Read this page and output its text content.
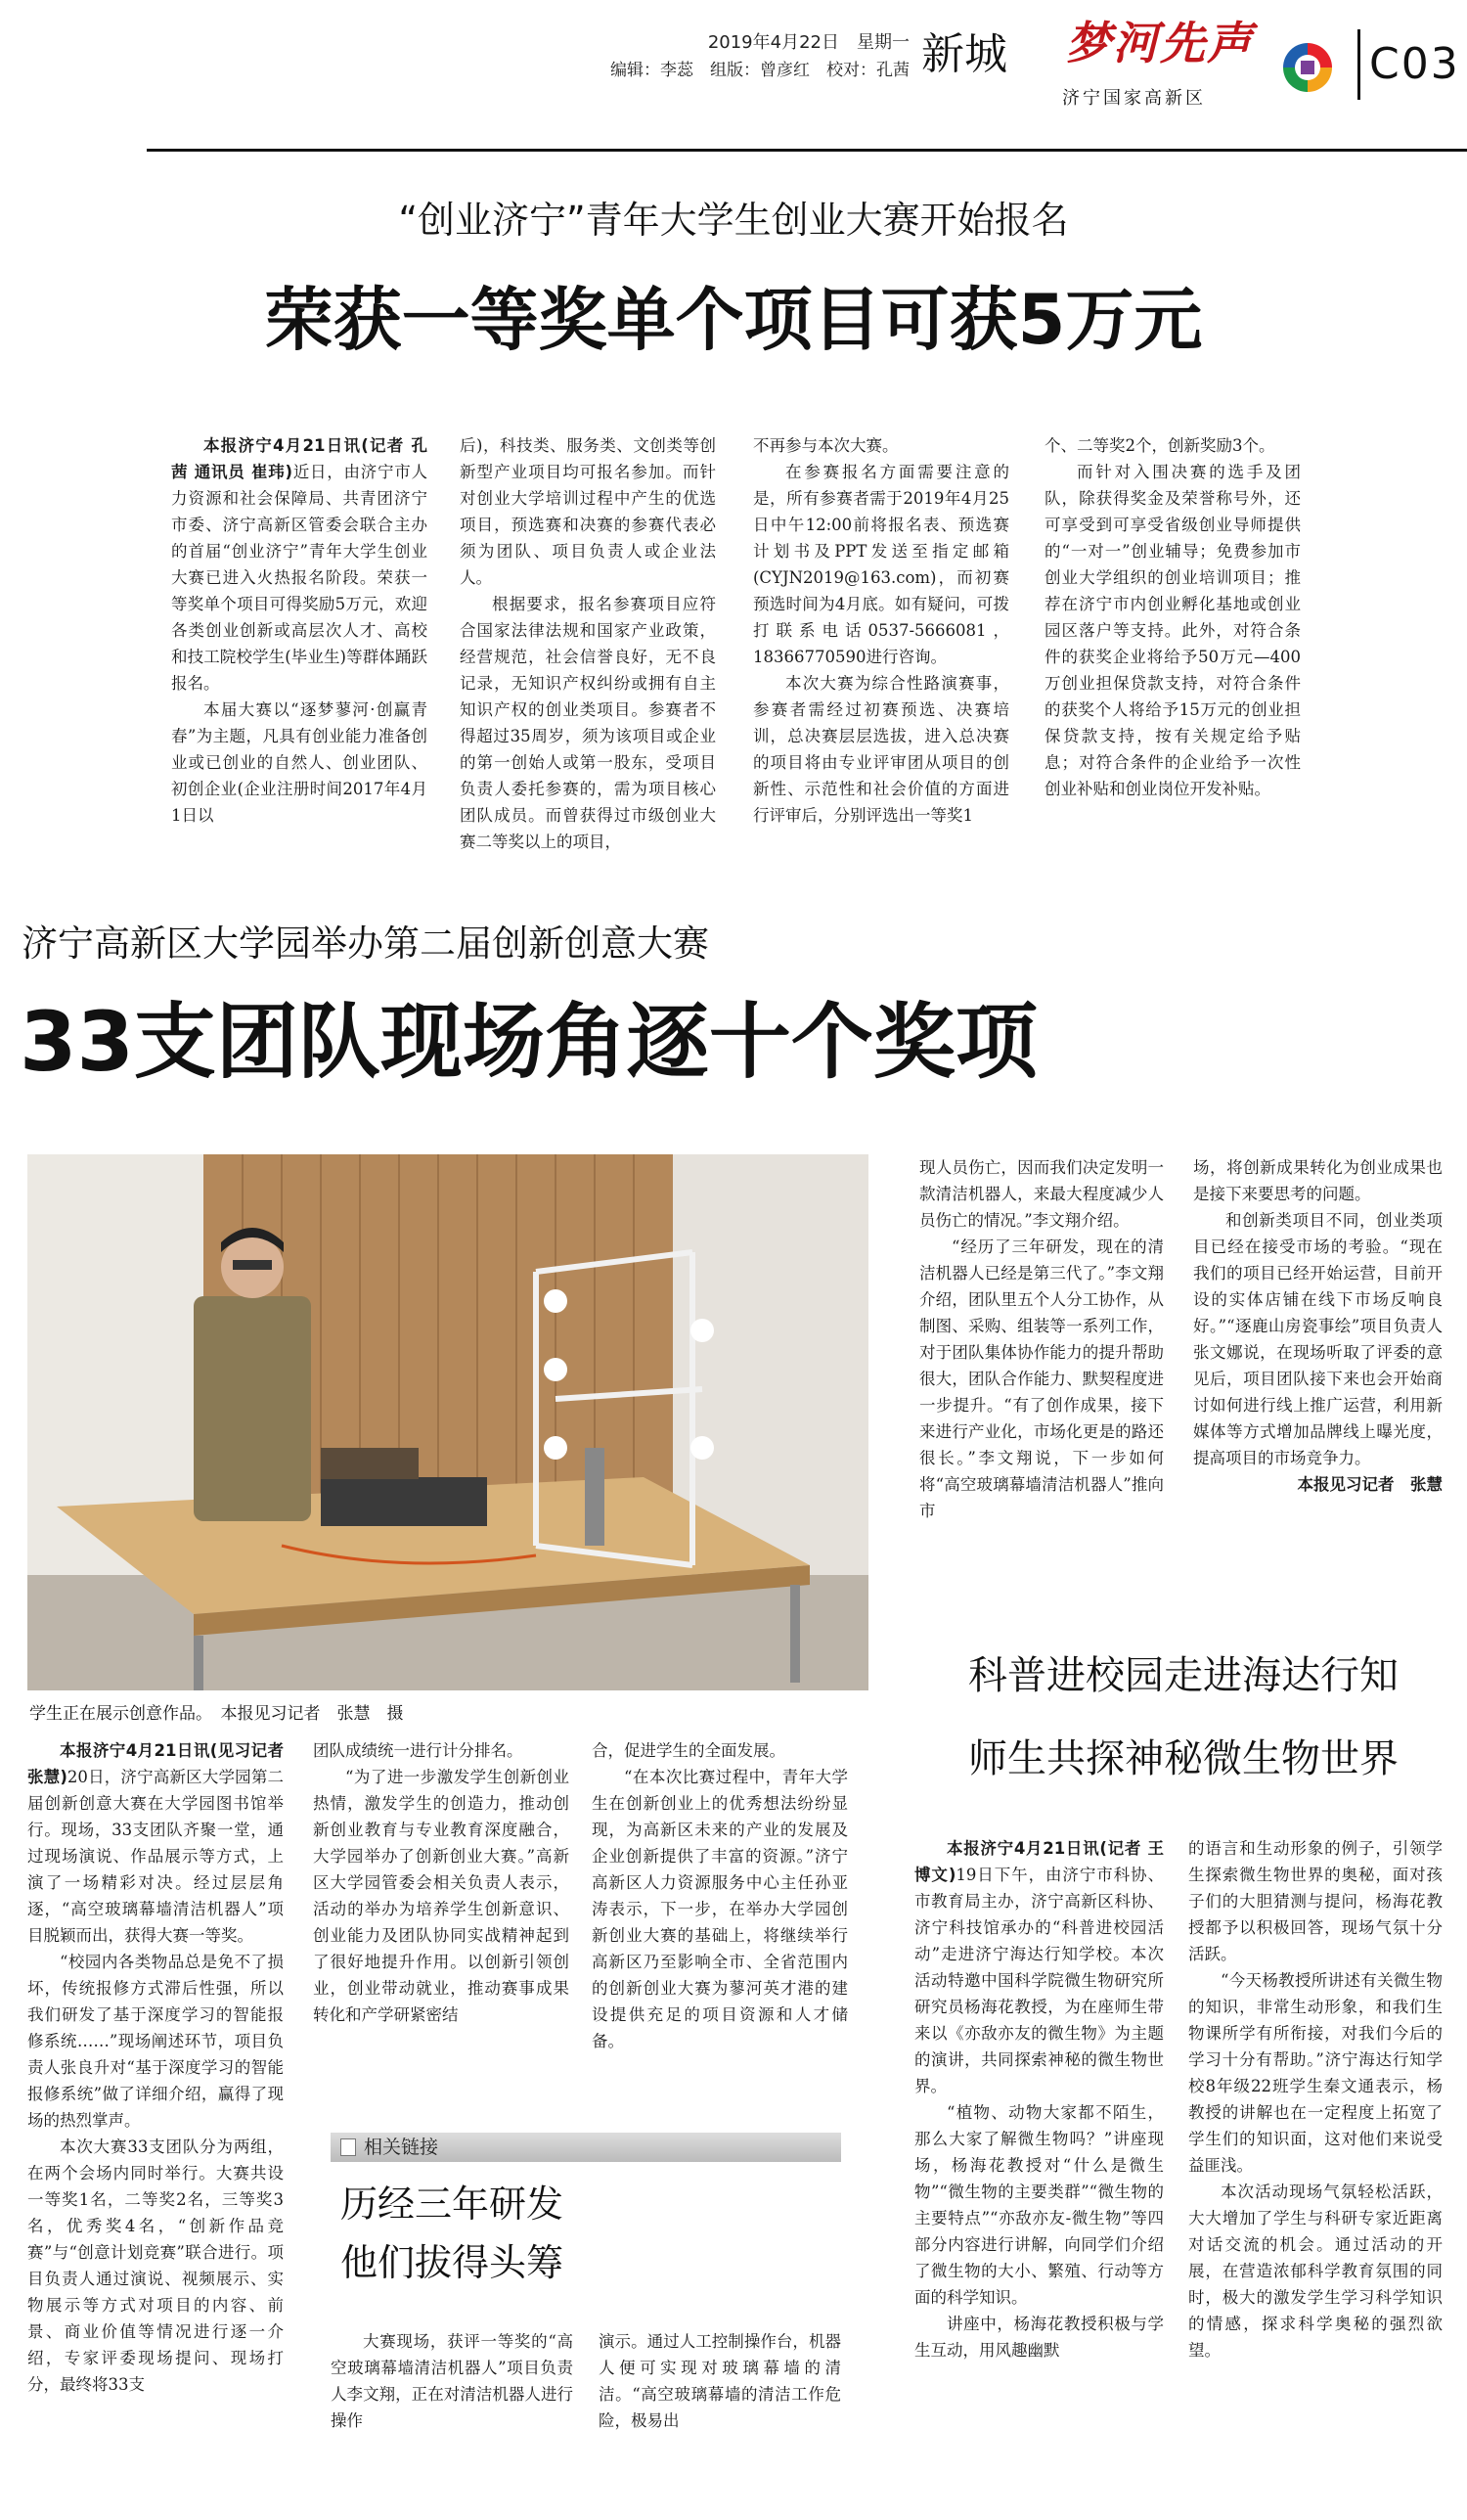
2019年4月22日　星期一
编辑：李蕊　组版：曾彦红　校对：孔茜 新城 梦河先声
济宁国家高新区
C03
“创业济宁”青年大学生创业大赛开始报名
荣获一等奖单个项目可获5万元

本报济宁4月21日讯(记者 孔茜 通讯员 崔玮)近日，由济宁市人力资源和社会保障局、共青团济宁市委、济宁高新区管委会联合主办的首届“创业济宁”青年大学生创业大赛已进入火热报名阶段。荣获一等奖单个项目可得奖励5万元，欢迎各类创业创新或高层次人才、高校和技工院校学生(毕业生)等群体踊跃报名。

本届大赛以“逐梦蓼河·创赢青春”为主题，凡具有创业能力准备创业或已创业的自然人、创业团队、初创企业(企业注册时间2017年4月1日以

后)，科技类、服务类、文创类等创新型产业项目均可报名参加。而针对创业大学培训过程中产生的优选项目，预选赛和决赛的参赛代表必须为团队、项目负责人或企业法人。

根据要求，报名参赛项目应符合国家法律法规和国家产业政策，经营规范，社会信誉良好，无不良记录，无知识产权纠纷或拥有自主知识产权的创业类项目。参赛者不得超过35周岁，须为该项目或企业的第一创始人或第一股东，受项目负责人委托参赛的，需为项目核心团队成员。而曾获得过市级创业大赛二等奖以上的项目，

不再参与本次大赛。

在参赛报名方面需要注意的是，所有参赛者需于2019年4月25日中午12:00前将报名表、预选赛计划书及PPT发送至指定邮箱(CYJN2019@163.com)，而初赛预选时间为4月底。如有疑问，可拨打联系电话0537-5666081，18366770590进行咨询。

本次大赛为综合性路演赛事，参赛者需经过初赛预选、决赛培训，总决赛层层选拔，进入总决赛的项目将由专业评审团从项目的创新性、示范性和社会价值的方面进行评审后，分别评选出一等奖1

个、二等奖2个，创新奖励3个。

而针对入围决赛的选手及团队，除获得奖金及荣誉称号外，还可享受到可享受省级创业导师提供的“一对一”创业辅导；免费参加市创业大学组织的创业培训项目；推荐在济宁市内创业孵化基地或创业园区落户等支持。此外，对符合条件的获奖企业将给予50万元—400万创业担保贷款支持，对符合条件的获奖个人将给予15万元的创业担保贷款支持，按有关规定给予贴息；对符合条件的企业给予一次性创业补贴和创业岗位开发补贴。

济宁高新区大学园举办第二届创新创意大赛
33支团队现场角逐十个奖项
学生正在展示创意作品。　本报见习记者　张慧　摄

本报济宁4月21日讯(见习记者 张慧)20日，济宁高新区大学园第二届创新创意大赛在大学园图书馆举行。现场，33支团队齐聚一堂，通过现场演说、作品展示等方式，上演了一场精彩对决。经过层层角逐，“高空玻璃幕墙清洁机器人”项目脱颖而出，获得大赛一等奖。

“校园内各类物品总是免不了损坏，传统报修方式滞后性强，所以我们研发了基于深度学习的智能报修系统……”现场阐述环节，项目负责人张良升对“基于深度学习的智能报修系统”做了详细介绍，赢得了现场的热烈掌声。

本次大赛33支团队分为两组，在两个会场内同时举行。大赛共设一等奖1名，二等奖2名，三等奖3名，优秀奖4名，“创新作品竞赛”与“创意计划竞赛”联合进行。项目负责人通过演说、视频展示、实物展示等方式对项目的内容、前景、商业价值等情况进行逐一介绍，专家评委现场提问、现场打分，最终将33支

团队成绩统一进行计分排名。

“为了进一步激发学生创新创业热情，激发学生的创造力，推动创新创业教育与专业教育深度融合，大学园举办了创新创业大赛。”高新区大学园管委会相关负责人表示，活动的举办为培养学生创新意识、创业能力及团队协同实战精神起到了很好地提升作用。以创新引领创业，创业带动就业，推动赛事成果转化和产学研紧密结

合，促进学生的全面发展。

“在本次比赛过程中，青年大学生在创新创业上的优秀想法纷纷显现，为高新区未来的产业的发展及企业创新提供了丰富的资源。”济宁高新区人力资源服务中心主任孙亚涛表示，下一步，在举办大学园创新创业大赛的基础上，将继续举行高新区乃至影响全市、全省范围内的创新创业大赛为蓼河英才港的建设提供充足的项目资源和人才储备。

相关链接
历经三年研发
他们拔得头筹

大赛现场，获评一等奖的“高空玻璃幕墙清洁机器人”项目负责人李文翔，正在对清洁机器人进行操作

演示。通过人工控制操作台，机器人便可实现对玻璃幕墙的清洁。“高空玻璃幕墙的清洁工作危险，极易出

现人员伤亡，因而我们决定发明一款清洁机器人，来最大程度减少人员伤亡的情况。”李文翔介绍。

“经历了三年研发，现在的清洁机器人已经是第三代了。”李文翔介绍，团队里五个人分工协作，从制图、采购、组装等一系列工作，对于团队集体协作能力的提升帮助很大，团队合作能力、默契程度进一步提升。“有了创作成果，接下来进行产业化，市场化更是的路还很长。”李文翔说，下一步如何将“高空玻璃幕墙清洁机器人”推向市

场，将创新成果转化为创业成果也是接下来要思考的问题。

和创新类项目不同，创业类项目已经在接受市场的考验。“现在我们的项目已经开始运营，目前开设的实体店铺在线下市场反响良好。”“逐鹿山房瓷事绘”项目负责人张文娜说，在现场听取了评委的意见后，项目团队接下来也会开始商讨如何进行线上推广运营，利用新媒体等方式增加品牌线上曝光度，提高项目的市场竞争力。

本报见习记者　张慧

科普进校园走进海达行知
师生共探神秘微生物世界

本报济宁4月21日讯(记者 王博文)19日下午，由济宁市科协、市教育局主办，济宁高新区科协、济宁科技馆承办的“科普进校园活动”走进济宁海达行知学校。本次活动特邀中国科学院微生物研究所研究员杨海花教授，为在座师生带来以《亦敌亦友的微生物》为主题的演讲，共同探索神秘的微生物世界。

“植物、动物大家都不陌生，那么大家了解微生物吗？”讲座现场，杨海花教授对“什么是微生物”“微生物的主要类群”“微生物的主要特点”“亦敌亦友-微生物”等四部分内容进行讲解，向同学们介绍了微生物的大小、繁殖、行动等方面的科学知识。

讲座中，杨海花教授积极与学生互动，用风趣幽默

的语言和生动形象的例子，引领学生探索微生物世界的奥秘，面对孩子们的大胆猜测与提问，杨海花教授都予以积极回答，现场气氛十分活跃。

“今天杨教授所讲述有关微生物的知识，非常生动形象，和我们生物课所学有所衔接，对我们今后的学习十分有帮助。”济宁海达行知学校8年级22班学生秦文通表示，杨教授的讲解也在一定程度上拓宽了学生们的知识面，这对他们来说受益匪浅。

本次活动现场气氛轻松活跃，大大增加了学生与科研专家近距离对话交流的机会。通过活动的开展，在营造浓郁科学教育氛围的同时，极大的激发学生学习科学知识的情感，探求科学奥秘的强烈欲望。
